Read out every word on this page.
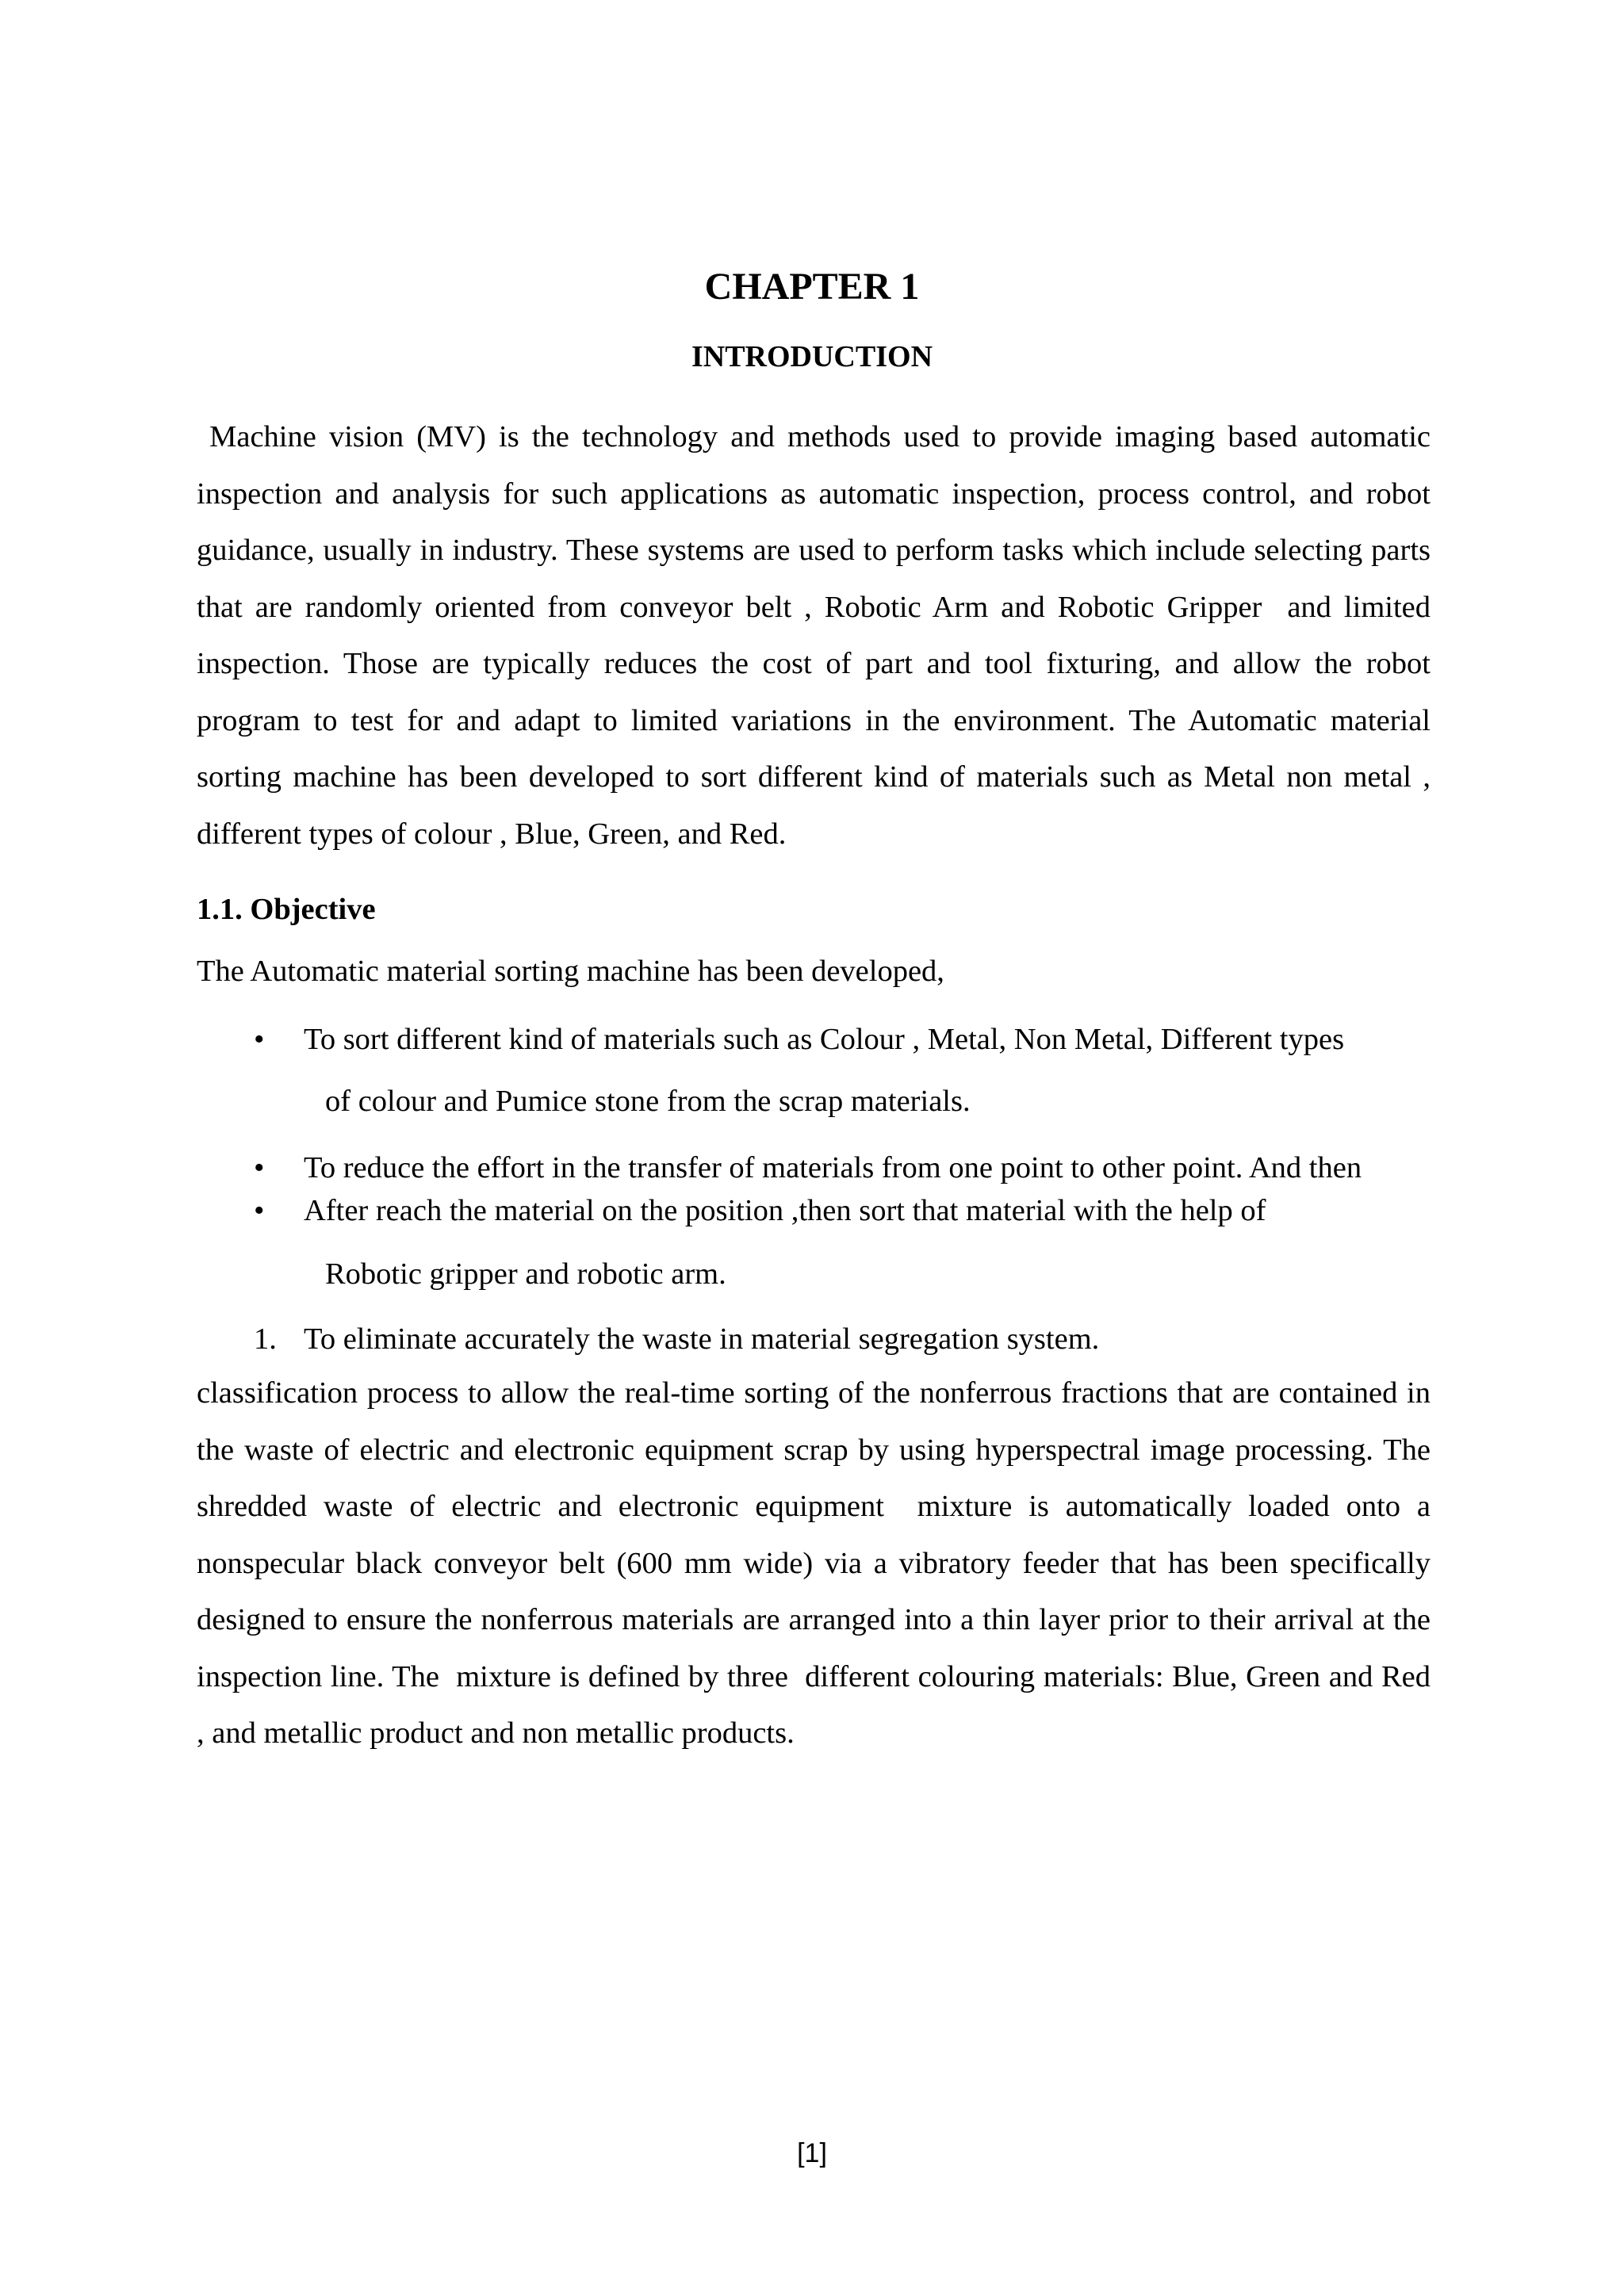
CHAPTER 1
INTRODUCTION

Machine vision (MV) is the technology and methods used to provide imaging based automatic inspection and analysis for such applications as automatic inspection, process control, and robot guidance, usually in industry. These systems are used to perform tasks which include selecting parts that are randomly oriented from conveyor belt , Robotic Arm and Robotic Gripper  and limited inspection. Those are typically reduces the cost of part and tool fixturing, and allow the robot program to test for and adapt to limited variations in the environment. The Automatic material sorting machine has been developed to sort different kind of materials such as Metal non metal , different types of colour , Blue, Green, and Red.

1.1. Objective

The Automatic material sorting machine has been developed,

•	To sort different kind of materials such as Colour , Metal, Non Metal, Different types
of colour and Pumice stone from the scrap materials.
•	To reduce the effort in the transfer of materials from one point to other point. And then
•	After reach the material on the position ,then sort that material with the help of
Robotic gripper and robotic arm.
1. To eliminate accurately the waste in material segregation system.

classification process to allow the real-time sorting of the nonferrous fractions that are contained in the waste of electric and electronic equipment scrap by using hyperspectral image processing. The shredded waste of electric and electronic equipment  mixture is automatically loaded onto a nonspecular black conveyor belt (600 mm wide) via a vibratory feeder that has been specifically designed to ensure the nonferrous materials are arranged into a thin layer prior to their arrival at the inspection line. The  mixture is defined by three  different colouring materials: Blue, Green and Red , and metallic product and non metallic products.

[1]
